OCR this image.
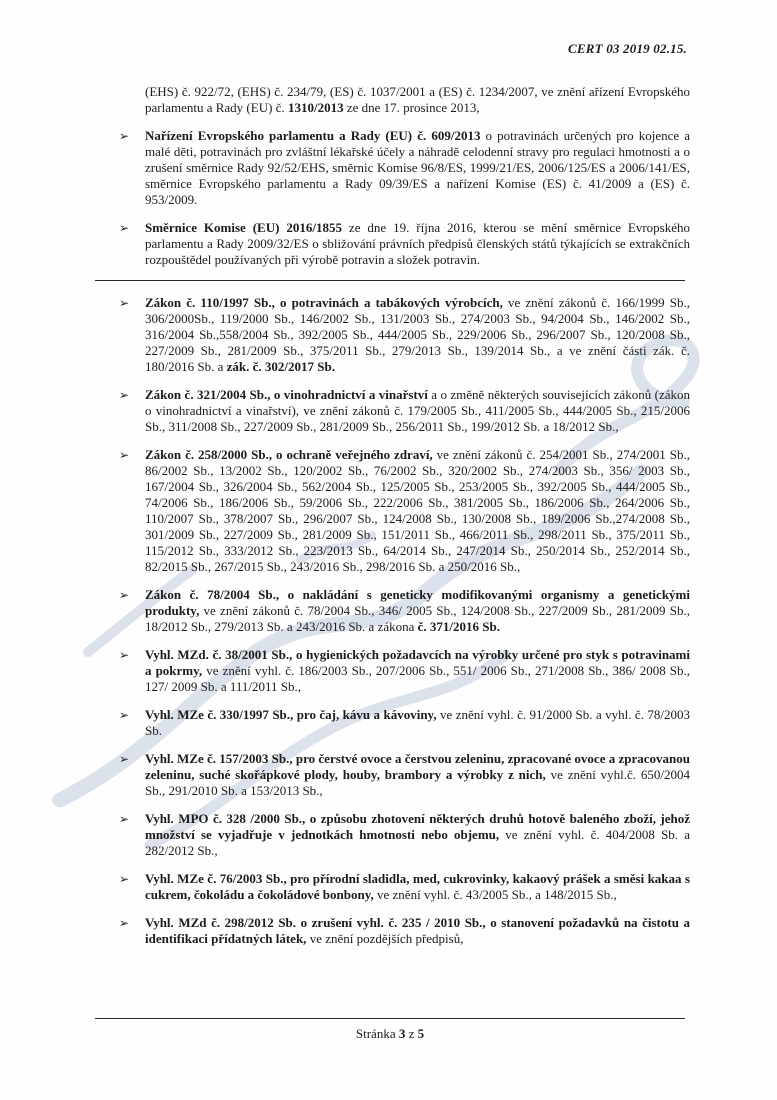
CERT 03 2019 02.15.

(EHS) č. 922/72, (EHS) č. 234/79, (ES) č. 1037/2001 a (ES) č. 1234/2007, ve znění ařízení Evropského parlamentu a Rady (EU) č. 1310/2013 ze dne 17. prosince 2013,

➢ Nařízení Evropského parlamentu a Rady (EU) č. 609/2013 o potravinách určených pro kojence a malé děti, potravinách pro zvláštní lékařské účely a náhradě celodenní stravy pro regulaci hmotnosti a o zrušení směrnice Rady 92/52/EHS, směrnic Komise 96/8/ES, 1999/21/ES, 2006/125/ES a 2006/141/ES, směrnice Evropského parlamentu a Rady 09/39/ES a nařízení Komise (ES) č. 41/2009 a (ES) č. 953/2009.
➢ Směrnice Komise (EU) 2016/1855 ze dne 19. října 2016, kterou se mění směrnice Evropského parlamentu a Rady 2009/32/ES o sbližování právních předpisů členských států týkajících se extrakčních rozpouštědel používaných při výrobě potravin a složek potravin.
➢ Zákon č. 110/1997 Sb., o potravinách a tabákových výrobcích, ve znění zákonů č. 166/1999 Sb., 306/2000Sb., 119/2000 Sb., 146/2002 Sb., 131/2003 Sb., 274/2003 Sb., 94/2004 Sb., 146/2002 Sb., 316/2004 Sb.,558/2004 Sb., 392/2005 Sb., 444/2005 Sb., 229/2006 Sb., 296/2007 Sb., 120/2008 Sb., 227/2009 Sb., 281/2009 Sb., 375/2011 Sb., 279/2013 Sb., 139/2014 Sb., a ve znění části zák. č. 180/2016 Sb. a zák. č. 302/2017 Sb.
➢ Zákon č. 321/2004 Sb., o vinohradnictví a vinařství a o změně některých souvisejících zákonů (zákon o vinohradnictví a vinařství), ve znění zákonů č. 179/2005 Sb., 411/2005 Sb., 444/2005 Sb., 215/2006 Sb., 311/2008 Sb., 227/2009 Sb., 281/2009 Sb., 256/2011 Sb., 199/2012 Sb. a 18/2012 Sb.,
➢ Zákon č. 258/2000 Sb., o ochraně veřejného zdraví, ve znění zákonů č. 254/2001 Sb., 274/2001 Sb., 86/2002 Sb., 13/2002 Sb., 120/2002 Sb., 76/2002 Sb., 320/2002 Sb., 274/2003 Sb., 356/ 2003 Sb., 167/2004 Sb., 326/2004 Sb., 562/2004 Sb., 125/2005 Sb., 253/2005 Sb., 392/2005 Sb., 444/2005 Sb., 74/2006 Sb., 186/2006 Sb., 59/2006 Sb., 222/2006 Sb., 381/2005 Sb., 186/2006 Sb., 264/2006 Sb., 110/2007 Sb., 378/2007 Sb., 296/2007 Sb., 124/2008 Sb., 130/2008 Sb., 189/2006 Sb.,274/2008 Sb., 301/2009 Sb., 227/2009 Sb., 281/2009 Sb., 151/2011 Sb., 466/2011 Sb., 298/2011 Sb., 375/2011 Sb., 115/2012 Sb., 333/2012 Sb., 223/2013 Sb., 64/2014 Sb., 247/2014 Sb., 250/2014 Sb., 252/2014 Sb., 82/2015 Sb., 267/2015 Sb., 243/2016 Sb., 298/2016 Sb. a 250/2016 Sb.,
➢ Zákon č. 78/2004 Sb., o nakládání s geneticky modifikovanými organismy a genetickými produkty, ve znění zákonů č. 78/2004 Sb., 346/ 2005 Sb., 124/2008 Sb., 227/2009 Sb., 281/2009 Sb., 18/2012 Sb., 279/2013 Sb. a 243/2016 Sb. a zákona č. 371/2016 Sb.
➢ Vyhl. MZd. č. 38/2001 Sb., o hygienických požadavcích na výrobky určené pro styk s potravinami a pokrmy, ve znění vyhl. č. 186/2003 Sb., 207/2006 Sb., 551/ 2006 Sb., 271/2008 Sb., 386/ 2008 Sb., 127/ 2009 Sb. a 111/2011 Sb.,
➢ Vyhl. MZe č. 330/1997 Sb., pro čaj, kávu a kávoviny, ve znění vyhl. č. 91/2000 Sb. a vyhl. č. 78/2003 Sb.
➢ Vyhl. MZe č. 157/2003 Sb., pro čerstvé ovoce a čerstvou zeleninu, zpracované ovoce a zpracovanou zeleninu, suché skořápkové plody, houby, brambory a výrobky z nich, ve znění vyhl.č. 650/2004 Sb., 291/2010 Sb. a 153/2013 Sb.,
➢ Vyhl. MPO č. 328 /2000 Sb., o způsobu zhotovení některých druhů hotově baleného zboží, jehož množství se vyjadřuje v jednotkách hmotnosti nebo objemu, ve znění vyhl. č. 404/2008 Sb. a 282/2012 Sb.,
➢ Vyhl. MZe č. 76/2003 Sb., pro přírodní sladidla, med, cukrovinky, kakaový prášek a směsi kakaa s cukrem, čokoládu a čokoládové bonbony, ve znění vyhl. č. 43/2005 Sb., a 148/2015 Sb.,
➢ Vyhl. MZd č. 298/2012 Sb. o zrušení vyhl. č. 235 / 2010 Sb., o stanovení požadavků na čistotu a identifikaci přídatných látek, ve znění pozdějších předpisů,
Stránka 3 z 5
